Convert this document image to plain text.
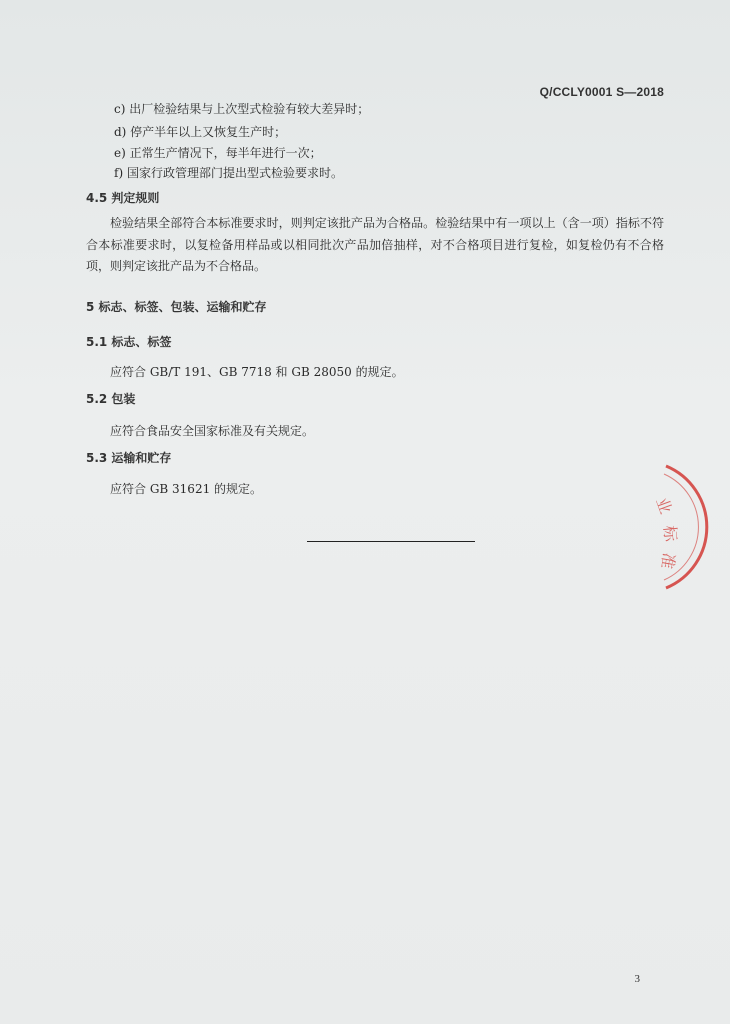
Q/CCLY0001 S—2018
c) 出厂检验结果与上次型式检验有较大差异时；
d) 停产半年以上又恢复生产时；
e) 正常生产情况下，每半年进行一次；
f) 国家行政管理部门提出型式检验要求时。
4.5 判定规则
检验结果全部符合本标准要求时，则判定该批产品为合格品。检验结果中有一项以上（含一项）指标不符合本标准要求时，以复检备用样品或以相同批次产品加倍抽样，对不合格项目进行复检，如复检仍有不合格项，则判定该批产品为不合格品。
5 标志、标签、包装、运输和贮存
5.1 标志、标签
应符合 GB/T 191、GB 7718 和 GB 28050 的规定。
5.2 包装
应符合食品安全国家标准及有关规定。
5.3 运输和贮存
应符合 GB 31621 的规定。
业
标
准
3
